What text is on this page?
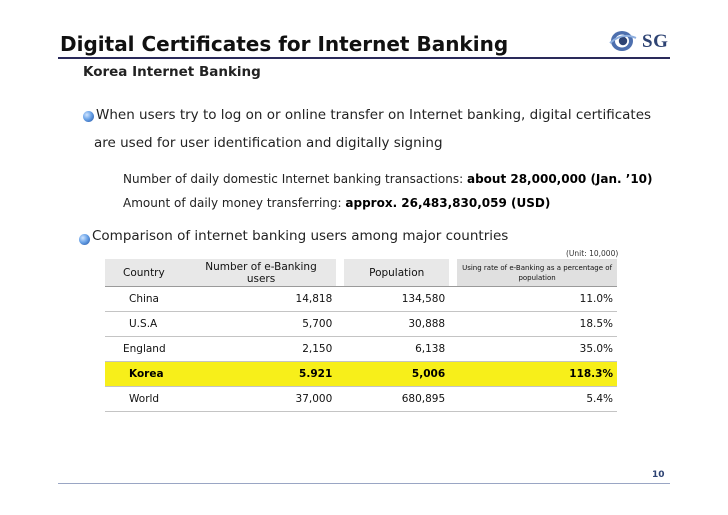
Digital Certificates for Internet Banking	SG
Korea Internet Banking
When users try to log on or online transfer on Internet banking, digital certificates
are used for user identification and digitally signing
Number of daily domestic Internet banking transactions: about 28,000,000 (Jan. ’10)
Amount of daily money transferring: approx. 26,483,830,059 (USD)
Comparison of internet banking users among major countries
(Unit: 10,000)
Country	Number of e-Banking users		Population		Using rate of e-Banking as a percentage of population
China	14,818		134,580		11.0%
U.S.A	5,700		30,888		18.5%
England	2,150		6,138		35.0%
Korea	5.921		5,006		118.3%
World	37,000		680,895		5.4%
10
